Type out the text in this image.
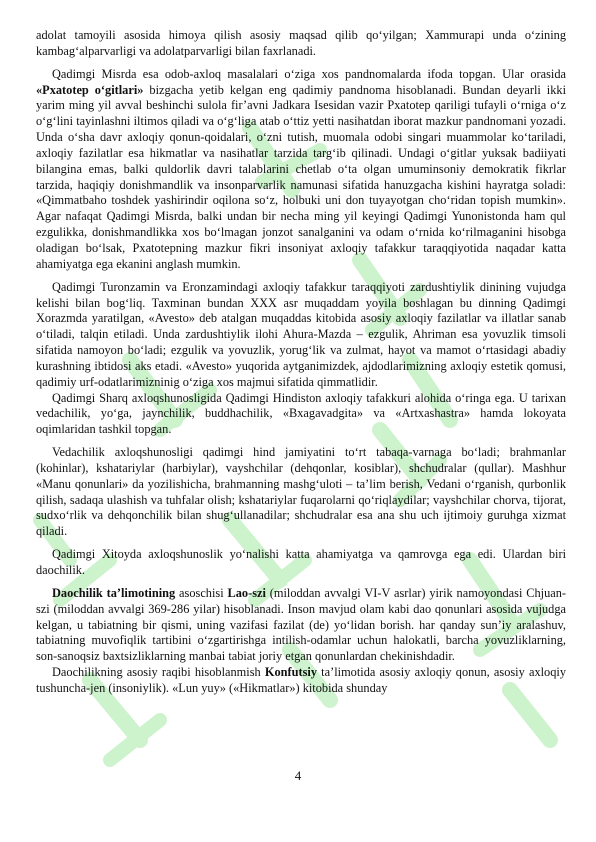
adolat tamoyili asosida himoya qilish asosiy maqsad qilib qo‘yilgan; Xammurapi unda o‘zining kambag‘alparvarligi va adolatparvarligi bilan faxrlanadi.

Qadimgi Misrda esa odob-axloq masalalari o‘ziga xos pandnomalarda ifoda topgan. Ular orasida «Pxatotep o‘gitlari» bizgacha yetib kelgan eng qadimiy pandnoma hisoblanadi. Bundan deyarli ikki yarim ming yil avval beshinchi sulola fir’avni Jadkara Isesidan vazir Pxatotep qariligi tufayli o‘rniga o‘z o‘g‘lini tayinlashni iltimos qiladi va o‘g‘liga atab o‘ttiz yetti nasihatdan iborat mazkur pandnomani yozadi. Unda o‘sha davr axloqiy qonun-qoidalari, o‘zni tutish, muomala odobi singari muammolar ko‘tariladi, axloqiy fazilatlar esa hikmatlar va nasihatlar tarzida targ‘ib qilinadi. Undagi o‘gitlar yuksak badiiyati bilangina emas, balki quldorlik davri talablarini chetlab o‘ta olgan umuminsoniy demokratik fikrlar tarzida, haqiqiy donishmandlik va insonparvarlik namunasi sifatida hanuzgacha kishini hayratga soladi: «Qimmatbaho toshdek yashirindir oqilona so‘z, holbuki uni don tuyayotgan cho‘ridan topish mumkin». Agar nafaqat Qadimgi Misrda, balki undan bir necha ming yil keyingi Qadimgi Yunonistonda ham qul ezgulikka, donishmandlikka xos bo‘lmagan jonzot sanalganini va odam o‘rnida ko‘rilmaganini hisobga oladigan bo‘lsak, Pxatotepning mazkur fikri insoniyat axloqiy tafakkur taraqqiyotida naqadar katta ahamiyatga ega ekanini anglash mumkin.

Qadimgi Turonzamin va Eronzamindagi axloqiy tafakkur taraqqiyoti zardushtiylik dinining vujudga kelishi bilan bog‘liq. Taxminan bundan XXX asr muqaddam yoyila boshlagan bu dinning Qadimgi Xorazmda yaratilgan, «Avesto» deb atalgan muqaddas kitobida asosiy axloqiy fazilatlar va illatlar sanab o‘tiladi, talqin etiladi. Unda zardushtiylik ilohi Ahura-Mazda – ezgulik, Ahriman esa yovuzlik timsoli sifatida namoyon bo‘ladi; ezgulik va yovuzlik, yorug‘lik va zulmat, hayot va mamot o‘rtasidagi abadiy kurashning ibtidosi aks etadi. «Avesto» yuqorida aytganimizdek, ajdodlarimizning axloqiy estetik qomusi, qadimiy urf-odatlarimizninig o‘ziga xos majmui sifatida qimmatlidir.

Qadimgi Sharq axloqshunosligida Qadimgi Hindiston axloqiy tafakkuri alohida o‘ringa ega. U tarixan vedachilik, yo‘ga, jaynchilik, buddhachilik, «Bxagavadgita» va «Artxashastra» hamda lokoyata oqimlaridan tashkil topgan.

Vedachilik axloqshunosligi qadimgi hind jamiyatini to‘rt tabaqa-varnaga bo‘ladi; brahmanlar (kohinlar), kshatariylar (harbiylar), vayshchilar (dehqonlar, kosiblar), shchudralar (qullar). Mashhur «Manu qonunlari» da yozilishicha, brahmanning mashg‘uloti – ta’lim berish, Vedani o‘rganish, qurbonlik qilish, sadaqa ulashish va tuhfalar olish; kshatariylar fuqarolarni qo‘riqlaydilar; vayshchilar chorva, tijorat, sudxo‘rlik va dehqonchilik bilan shug‘ullanadilar; shchudralar esa ana shu uch ijtimoiy guruhga xizmat qiladi.

Qadimgi Xitoyda axloqshunoslik yo‘nalishi katta ahamiyatga va qamrovga ega edi. Ulardan biri daochilik.

Daochilik ta’limotining asoschisi Lao-szi (miloddan avvalgi VI-V asrlar) yirik namoyondasi Chjuan-szi (miloddan avvalgi 369-286 yilar) hisoblanadi. Inson mavjud olam kabi dao qonunlari asosida vujudga kelgan, u tabiatning bir qismi, uning vazifasi fazilat (de) yo‘lidan borish. har qanday sun’iy aralashuv, tabiatning muvofiqlik tartibini o‘zgartirishga intilish-odamlar uchun halokatli, barcha yovuzliklarning, son-sanoqsiz baxtsizliklarning manbai tabiat joriy etgan qonunlardan chekinishdadir.

Daochilikning asosiy raqibi hisoblanmish Konfutsiy ta’limotida asosiy axloqiy qonun, asosiy axloqiy tushuncha-jen (insoniylik). «Lun yuy» («Hikmatlar») kitobida shunday

4
